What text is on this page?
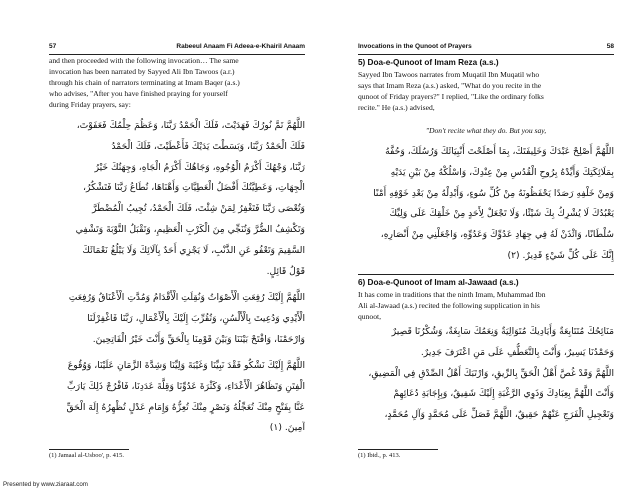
57	Rabeeul Anaam Fi Adeea-e-Khairil Anaam
and then proceeded with the following invocation… The same
invocation has been narrated by Sayyed Ali Ibn Tawoos (a.r.)
through his chain of narrators terminating at Imam Baqer (a.s.)
who advises, "After you have finished praying for yourself
during Friday prayers, say:
اللَّهُمَّ تَمَّ نُورُكَ فَهَدَيْتَ، فَلَكَ الْحَمْدُ رَبَّنَا، وَعَظُمَ حِلْمُكَ فَعَفَوْتَ،
فَلَكَ الْحَمْدُ رَبَّنَا، وَبَسَطْتَ يَدَيْكَ فَأَعْطَيْتَ، فَلَكَ الْحَمْدُ
رَبَّنَا، وَجْهُكَ أَكْرَمُ الْوُجُوهِ، وَجَاهُكَ أَكْرَمُ الْجَاهِ، وَجِهَتُكَ خَيْرُ
الْجِهَاتِ، وَعَطِيَّتُكَ أَفْضَلُ الْعَطِيَّاتِ وَأَهْنَاهَا، تُطَاعُ رَبَّنَا فَتَشْكُرُ،
وَتُعْصَى رَبَّنَا فَتَغْفِرُ لِمَنْ شِئْتَ، فَلَكَ الْحَمْدُ، تُجِيبُ الْمُضْطَرَّ
وَتَكْشِفُ الضُّرَّ وَتُنَجِّي مِنَ الْكَرْبِ الْعَظِيمِ، وَتَقْبَلُ التَّوْبَةَ وَتَشْفِي
السَّقِيمَ وَتَعْفُو عَنِ الذَّنْبِ، لَا يَجْزِي أَحَدٌ بِآلَائِكَ وَلَا يَبْلُغُ نَعْمَائَكَ
قَوْلُ قَائِلٍ.
اللَّهُمَّ إِلَيْكَ رُفِعَتِ الْأَصْوَاتُ وَنُقِلَتِ الْأَقْدَامُ وَمُدَّتِ الْأَعْنَاقُ وَرُفِعَتِ
الْأَيْدِي وَدُعِيتَ بِالْأَلْسُنِ، وَتُقُرِّبَ إِلَيْكَ بِالْأَعْمَالِ، رَبَّنَا فَاغْفِرْلَنَا
وَارْحَمْنَا، وَافْتَحْ بَيْنَنَا وَبَيْنَ قَوْمِنَا بِالْحَقِّ وَأَنْتَ خَيْرُ الْفَاتِحِينَ.
اللَّهُمَّ إِلَيْكَ نَشْكُو فَقْدَ نَبِيِّنَا وَغَيْبَةَ وَلِيِّنَا وَشِدَّةَ الزَّمَانِ عَلَيْنَا، وَوُقُوعَ
الْفِتَنِ وَتَظَاهُرَ الْأَعْدَاءِ، وَكَثْرَةَ عَدُوِّنَا وَقِلَّةَ عَدَدِنَا، فَافْرُجْ ذَلِكَ يَارَبِّ
عَنَّا بِفَتْحٍ مِنْكَ تُعَجِّلُهُ وَنَصْرٍ مِنْكَ تُعِزُّهُ وَإِمَامِ عَدْلٍ تُظْهِرُهُ إِلَهَ الْحَقِّ
آمِينَ. (١)
(1) Jamaal al-Usboo', p. 415.
Invocations in the Qunoot of Prayers	58
5) Doa-e-Qunoot of Imam Reza (a.s.)
Sayyed Ibn Tawoos narrates from Muqatil Ibn Muqatil who
says that Imam Reza (a.s.) asked, "What do you recite in the
qunoot of Friday prayers?" I replied, "Like the ordinary folks
recite." He (a.s.) advised,
"Don't recite what they do. But you say,
اللَّهُمَّ أَصْلِحْ عَبْدَكَ وَخَلِيفَتَكَ، بِمَا أَصْلَحْتَ أَنْبِيَائَكَ وَرُسُلَكَ، وَحُفَّهُ
بِمَلَائِكَتِكَ وَأَيِّدْهُ بِرُوحِ الْقُدُسِ مِنْ عِنْدِكَ، وَاسْلُكْهُ مِنْ بَيْنِ يَدَيْهِ
وَمِنْ خَلْفِهِ رَصَدًا يَحْفَظُونَهُ مِنْ كُلِّ سُوءٍ، وَأَبْدِلْهُ مِنْ بَعْدِ خَوْفِهِ أَمْنًا
يَعْبُدُكَ لَا يُشْرِكُ بِكَ شَيْئًا، وَلَا تَجْعَلْ لِأَحَدٍ مِنْ خَلْقِكَ عَلَى وَلِيِّكَ
سُلْطَانًا، وَائْذَنْ لَهُ فِي جِهَادِ عَدُوِّكَ وَعَدُوِّهِ، وَاجْعَلْنِي مِنْ أَنْصَارِهِ،
إِنَّكَ عَلَى كُلِّ شَيْءٍ قَدِيرٌ. (٢)
6) Doa-e-Qunoot of Imam al-Jawaad (a.s.)
It has come in traditions that the ninth Imam, Muhammad Ibn
Ali al-Jawaad (a.s.) recited the following supplication in his
qunoot,
مَنَائِحُكَ مُتَتَابِعَةٌ وَأَيَادِيكَ مُتَوَالِيَةٌ وَنِعَمُكَ سَابِغَةٌ، وَشُكْرُنَا قَصِيرٌ
وَحَمْدُنَا يَسِيرٌ، وَأَنْتَ بِالتَّعَطُّفِ عَلَى مَنِ اعْتَرَفَ جَدِيرٌ.
اللَّهُمَّ وَقَدْ غُصَّ أَهْلُ الْحَقِّ بِالرِّيقِ، وَارْتَبَكَ أَهْلُ الصِّدْقِ فِي الْمَضِيقِ،
وَأَنْتَ اللَّهُمَّ بِعِبَادِكَ وَذَوِي الرَّغْبَةِ إِلَيْكَ شَفِيقٌ، وَبِإِجَابَةِ دُعَائِهِمْ
وَتَعْجِيلِ الْفَرَجِ عَنْهُمْ حَقِيقٌ، اللَّهُمَّ فَصَلِّ عَلَى مُحَمَّدٍ وَآلِ مُحَمَّدٍ،
(1) Ibid., p. 413.
Presented by www.ziaraat.com
